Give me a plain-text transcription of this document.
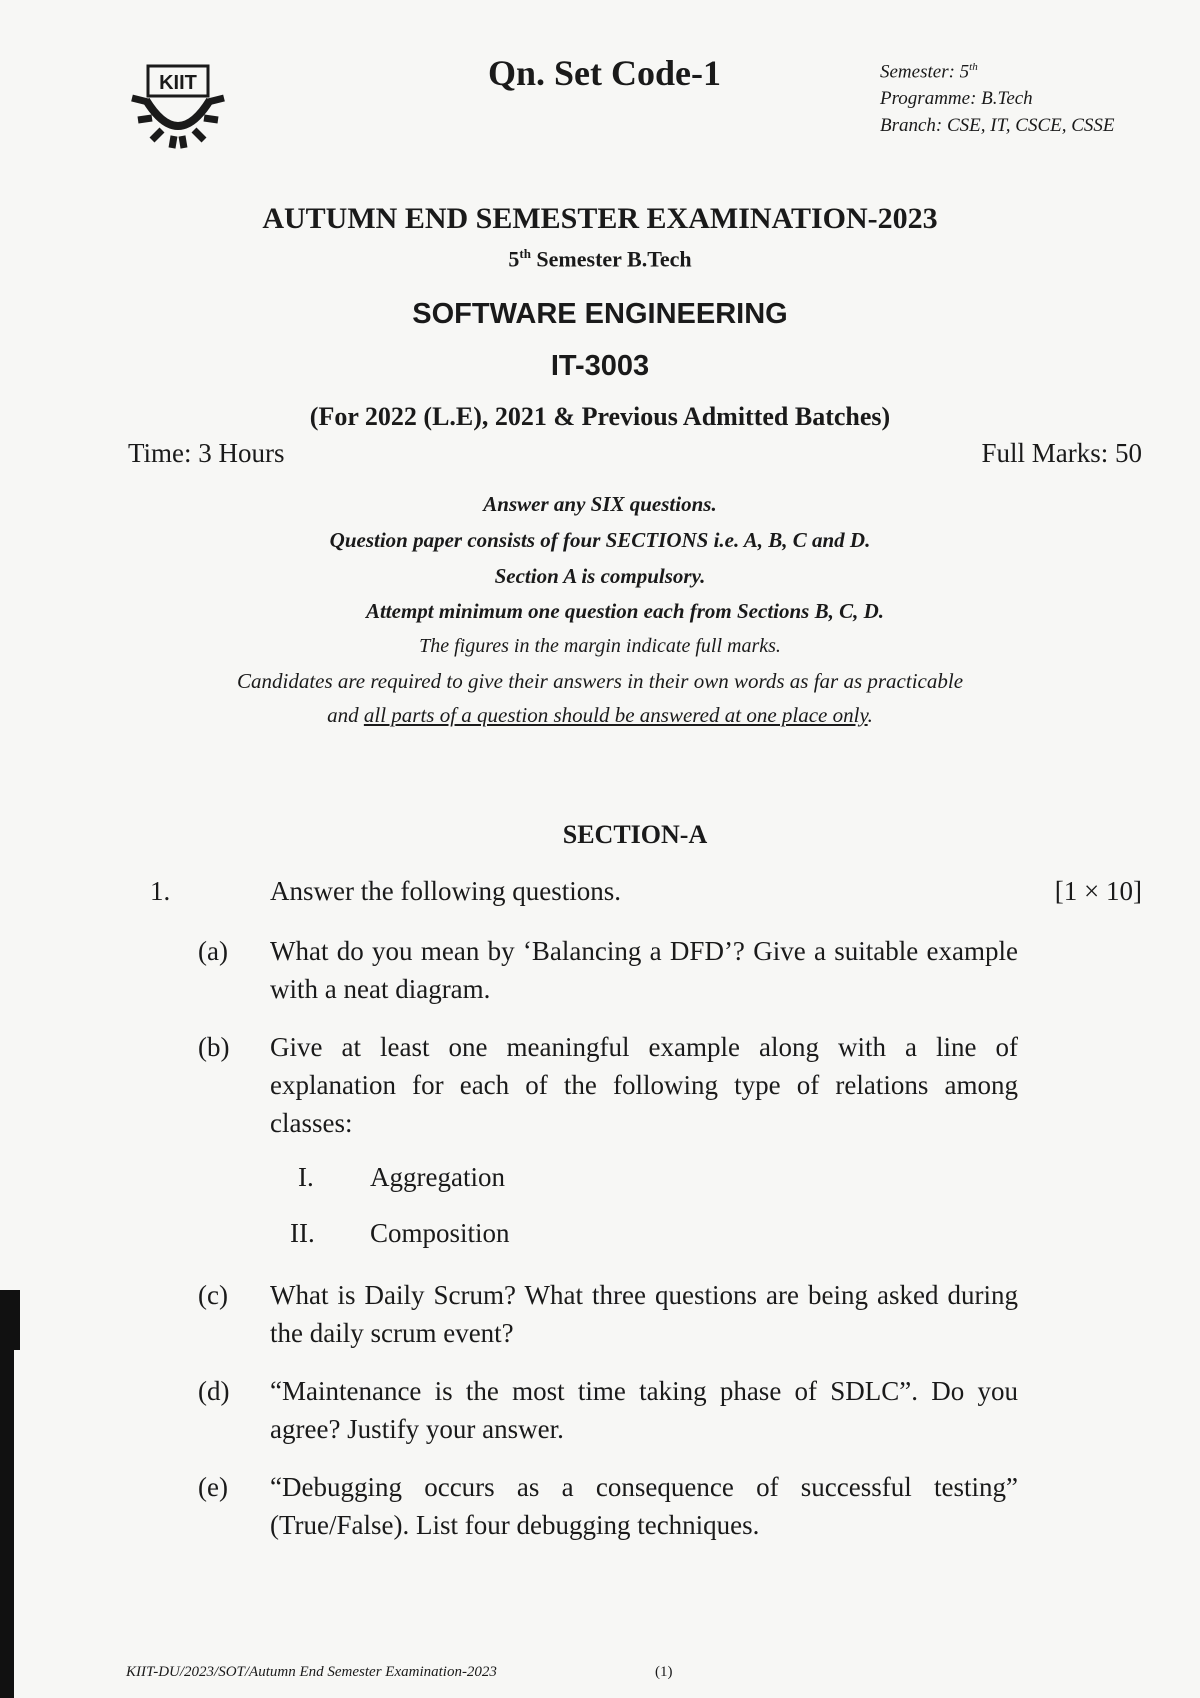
KIIT	Qn. Set Code-1	Semester: 5th
Programme: B.Tech
Branch: CSE, IT, CSCE, CSSE
AUTUMN END SEMESTER EXAMINATION-2023
5th Semester B.Tech
SOFTWARE ENGINEERING
IT-3003
(For 2022 (L.E), 2021 & Previous Admitted Batches)
Time: 3 Hours	Full Marks: 50
Answer any SIX questions.
Question paper consists of four SECTIONS i.e. A, B, C and D.
Section A is compulsory.
Attempt minimum one question each from Sections B, C, D.
The figures in the margin indicate full marks.
Candidates are required to give their answers in their own words as far as practicable
and all parts of a question should be answered at one place only.
SECTION-A
1.	Answer the following questions.	[1 × 10]
(a) What do you mean by ‘Balancing a DFD’? Give a suitable example with a neat diagram.
(b) Give at least one meaningful example along with a line of explanation for each of the following type of relations among classes:
I. Aggregation
II. Composition
(c) What is Daily Scrum? What three questions are being asked during the daily scrum event?
(d) “Maintenance is the most time taking phase of SDLC”. Do you agree? Justify your answer.
(e) “Debugging occurs as a consequence of successful testing” (True/False). List four debugging techniques.
KIIT-DU/2023/SOT/Autumn End Semester Examination-2023	(1)
